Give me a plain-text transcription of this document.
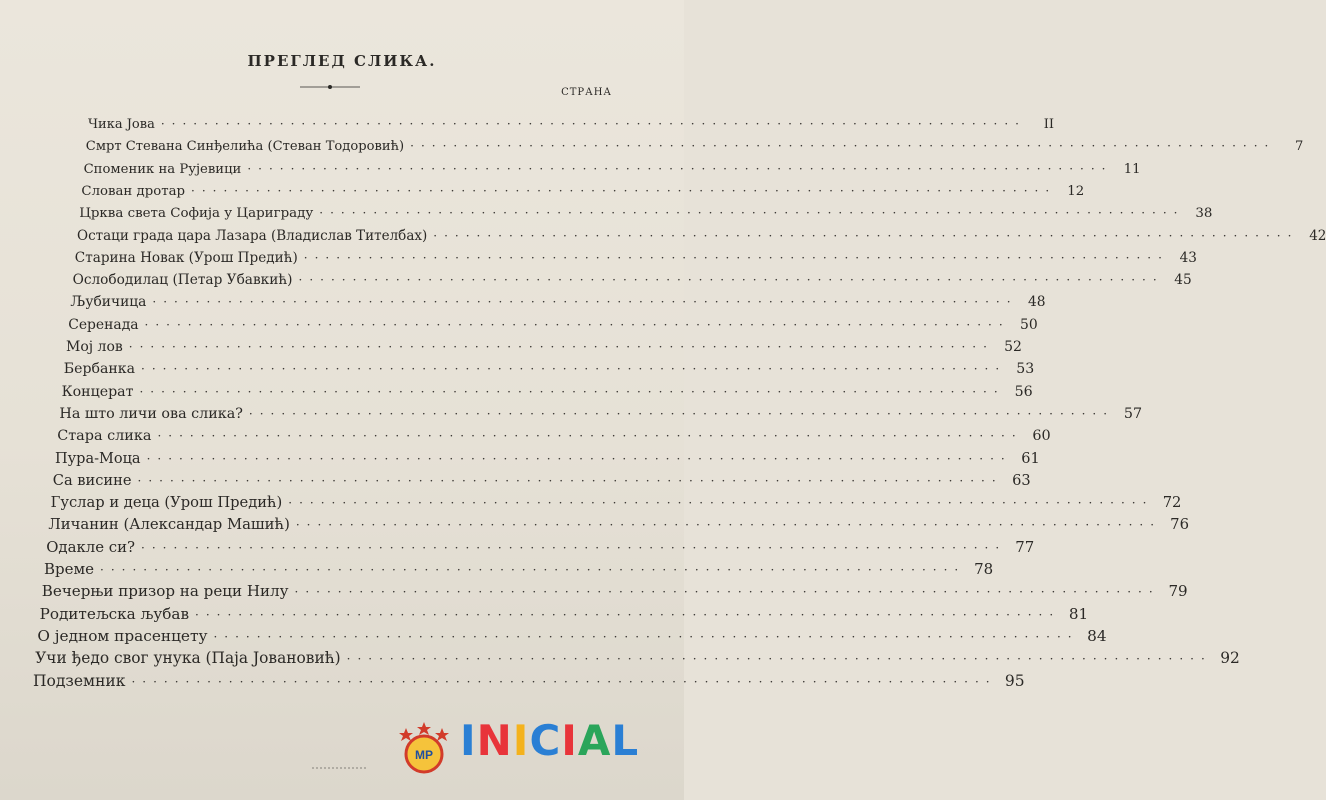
ПРЕГЛЕД СЛИКА.
СТРАНА
Чика Јова ················································································	II
Смрт Стевана Синђелића (Стеван Тодоровић) ················································································	7
Споменик на Рујевици ················································································ 11
Слован дротар ················································································ 12
Црква света Софија у Цариграду ················································································ 38
Остаци града цара Лазара (Владислав Тителбах) ················································································ 42
Старина Новак (Урош Предић) ················································································ 43
Ослободилац (Петар Убавкић) ················································································ 45
Љубичица ················································································ 48
Серенада ················································································ 50
Мој лов ················································································ 52
Бербанка ················································································ 53
Концерат ················································································ 56
На што личи ова слика? ················································································ 57
Стара слика ················································································ 60
Пура-Моца ················································································ 61
Са висине ················································································ 63
Гуслар и деца (Урош Предић) ················································································ 72
Личанин (Александар Машић) ················································································ 76
Одакле си? ················································································ 77
Време ················································································ 78
Вечерњи призор на реци Нилу ················································································ 79
Родитељска љубав ················································································ 81
О једном прасенцету ················································································ 84
Учи ђедо свог унука (Паја Јовановић) ················································································ 92
Подземник ················································································ 95
MP INICIAL
